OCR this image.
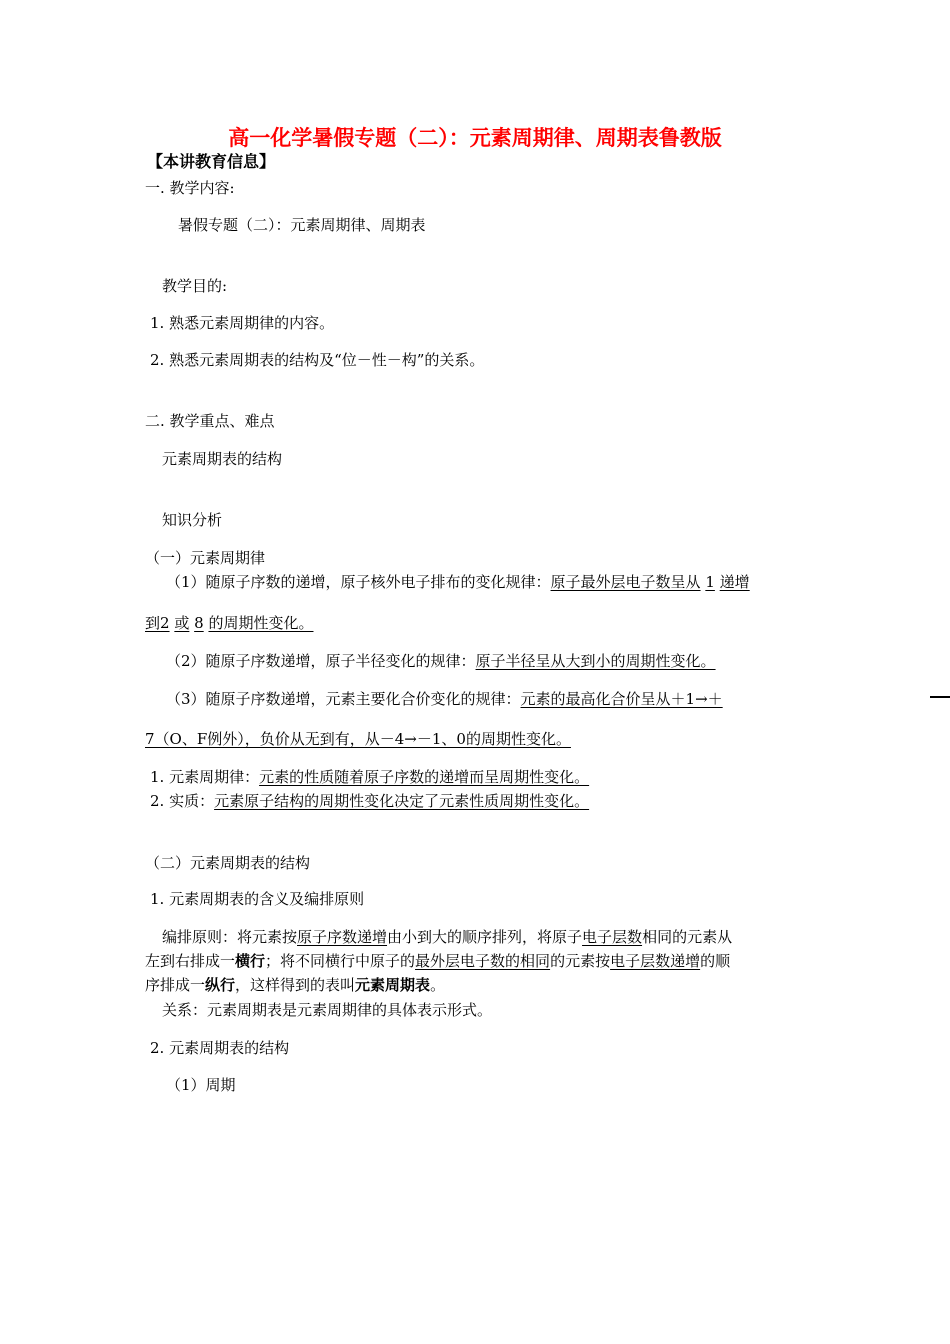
高一化学暑假专题（二）：元素周期律、周期表鲁教版
【本讲教育信息】
一. 教学内容:
暑假专题（二）：元素周期律、周期表
教学目的:
1. 熟悉元素周期律的内容。
2. 熟悉元素周期表的结构及“位－性－构”的关系。
二. 教学重点、难点
元素周期表的结构
知识分析
（一）元素周期律
（1）随原子序数的递增，原子核外电子排布的变化规律：原子最外层电子数呈从 1 递增
到2 或 8 的周期性变化。
（2）随原子序数递增，原子半径变化的规律：原子半径呈从大到小的周期性变化。
（3）随原子序数递增，元素主要化合价变化的规律：元素的最高化合价呈从＋1→＋
7（O、F例外），负价从无到有，从－4→－1、0的周期性变化。
1. 元素周期律：元素的性质随着原子序数的递增而呈周期性变化。
2. 实质：元素原子结构的周期性变化决定了元素性质周期性变化。
（二）元素周期表的结构
1. 元素周期表的含义及编排原则
编排原则：将元素按原子序数递增由小到大的顺序排列，将原子电子层数相同的元素从
左到右排成一横行；将不同横行中原子的最外层电子数的相同的元素按电子层数递增的顺
序排成一纵行，这样得到的表叫元素周期表。
关系：元素周期表是元素周期律的具体表示形式。
2. 元素周期表的结构
（1）周期
